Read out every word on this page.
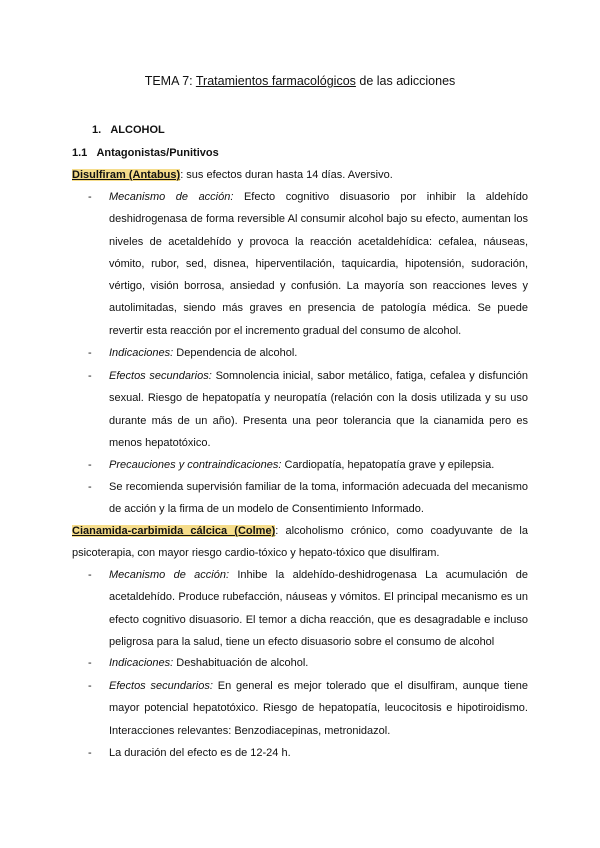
TEMA 7: Tratamientos farmacológicos de las adicciones
1. ALCOHOL
1.1 Antagonistas/Punitivos
Disulfiram (Antabus): sus efectos duran hasta 14 días. Aversivo.
- Mecanismo de acción: Efecto cognitivo disuasorio por inhibir la aldehído deshidrogenasa de forma reversible Al consumir alcohol bajo su efecto, aumentan los niveles de acetaldehído y provoca la reacción acetaldehídica: cefalea, náuseas, vómito, rubor, sed, disnea, hiperventilación, taquicardia, hipotensión, sudoración, vértigo, visión borrosa, ansiedad y confusión. La mayoría son reacciones leves y autolimitadas, siendo más graves en presencia de patología médica. Se puede revertir esta reacción por el incremento gradual del consumo de alcohol.
- Indicaciones: Dependencia de alcohol.
- Efectos secundarios: Somnolencia inicial, sabor metálico, fatiga, cefalea y disfunción sexual. Riesgo de hepatopatía y neuropatía (relación con la dosis utilizada y su uso durante más de un año). Presenta una peor tolerancia que la cianamida pero es menos hepatotóxico.
- Precauciones y contraindicaciones: Cardiopatía, hepatopatía grave y epilepsia.
- Se recomienda supervisión familiar de la toma, información adecuada del mecanismo de acción y la firma de un modelo de Consentimiento Informado.
Cianamida-carbimida cálcica (Colme): alcoholismo crónico, como coadyuvante de la psicoterapia, con mayor riesgo cardio-tóxico y hepato-tóxico que disulfiram.
- Mecanismo de acción: Inhibe la aldehído-deshidrogenasa La acumulación de acetaldehído. Produce rubefacción, náuseas y vómitos. El principal mecanismo es un efecto cognitivo disuasorio. El temor a dicha reacción, que es desagradable e incluso peligrosa para la salud, tiene un efecto disuasorio sobre el consumo de alcohol
- Indicaciones: Deshabituación de alcohol.
- Efectos secundarios: En general es mejor tolerado que el disulfiram, aunque tiene mayor potencial hepatotóxico. Riesgo de hepatopatía, leucocitosis e hipotiroidismo. Interacciones relevantes: Benzodiacepinas, metronidazol.
- La duración del efecto es de 12-24 h.
